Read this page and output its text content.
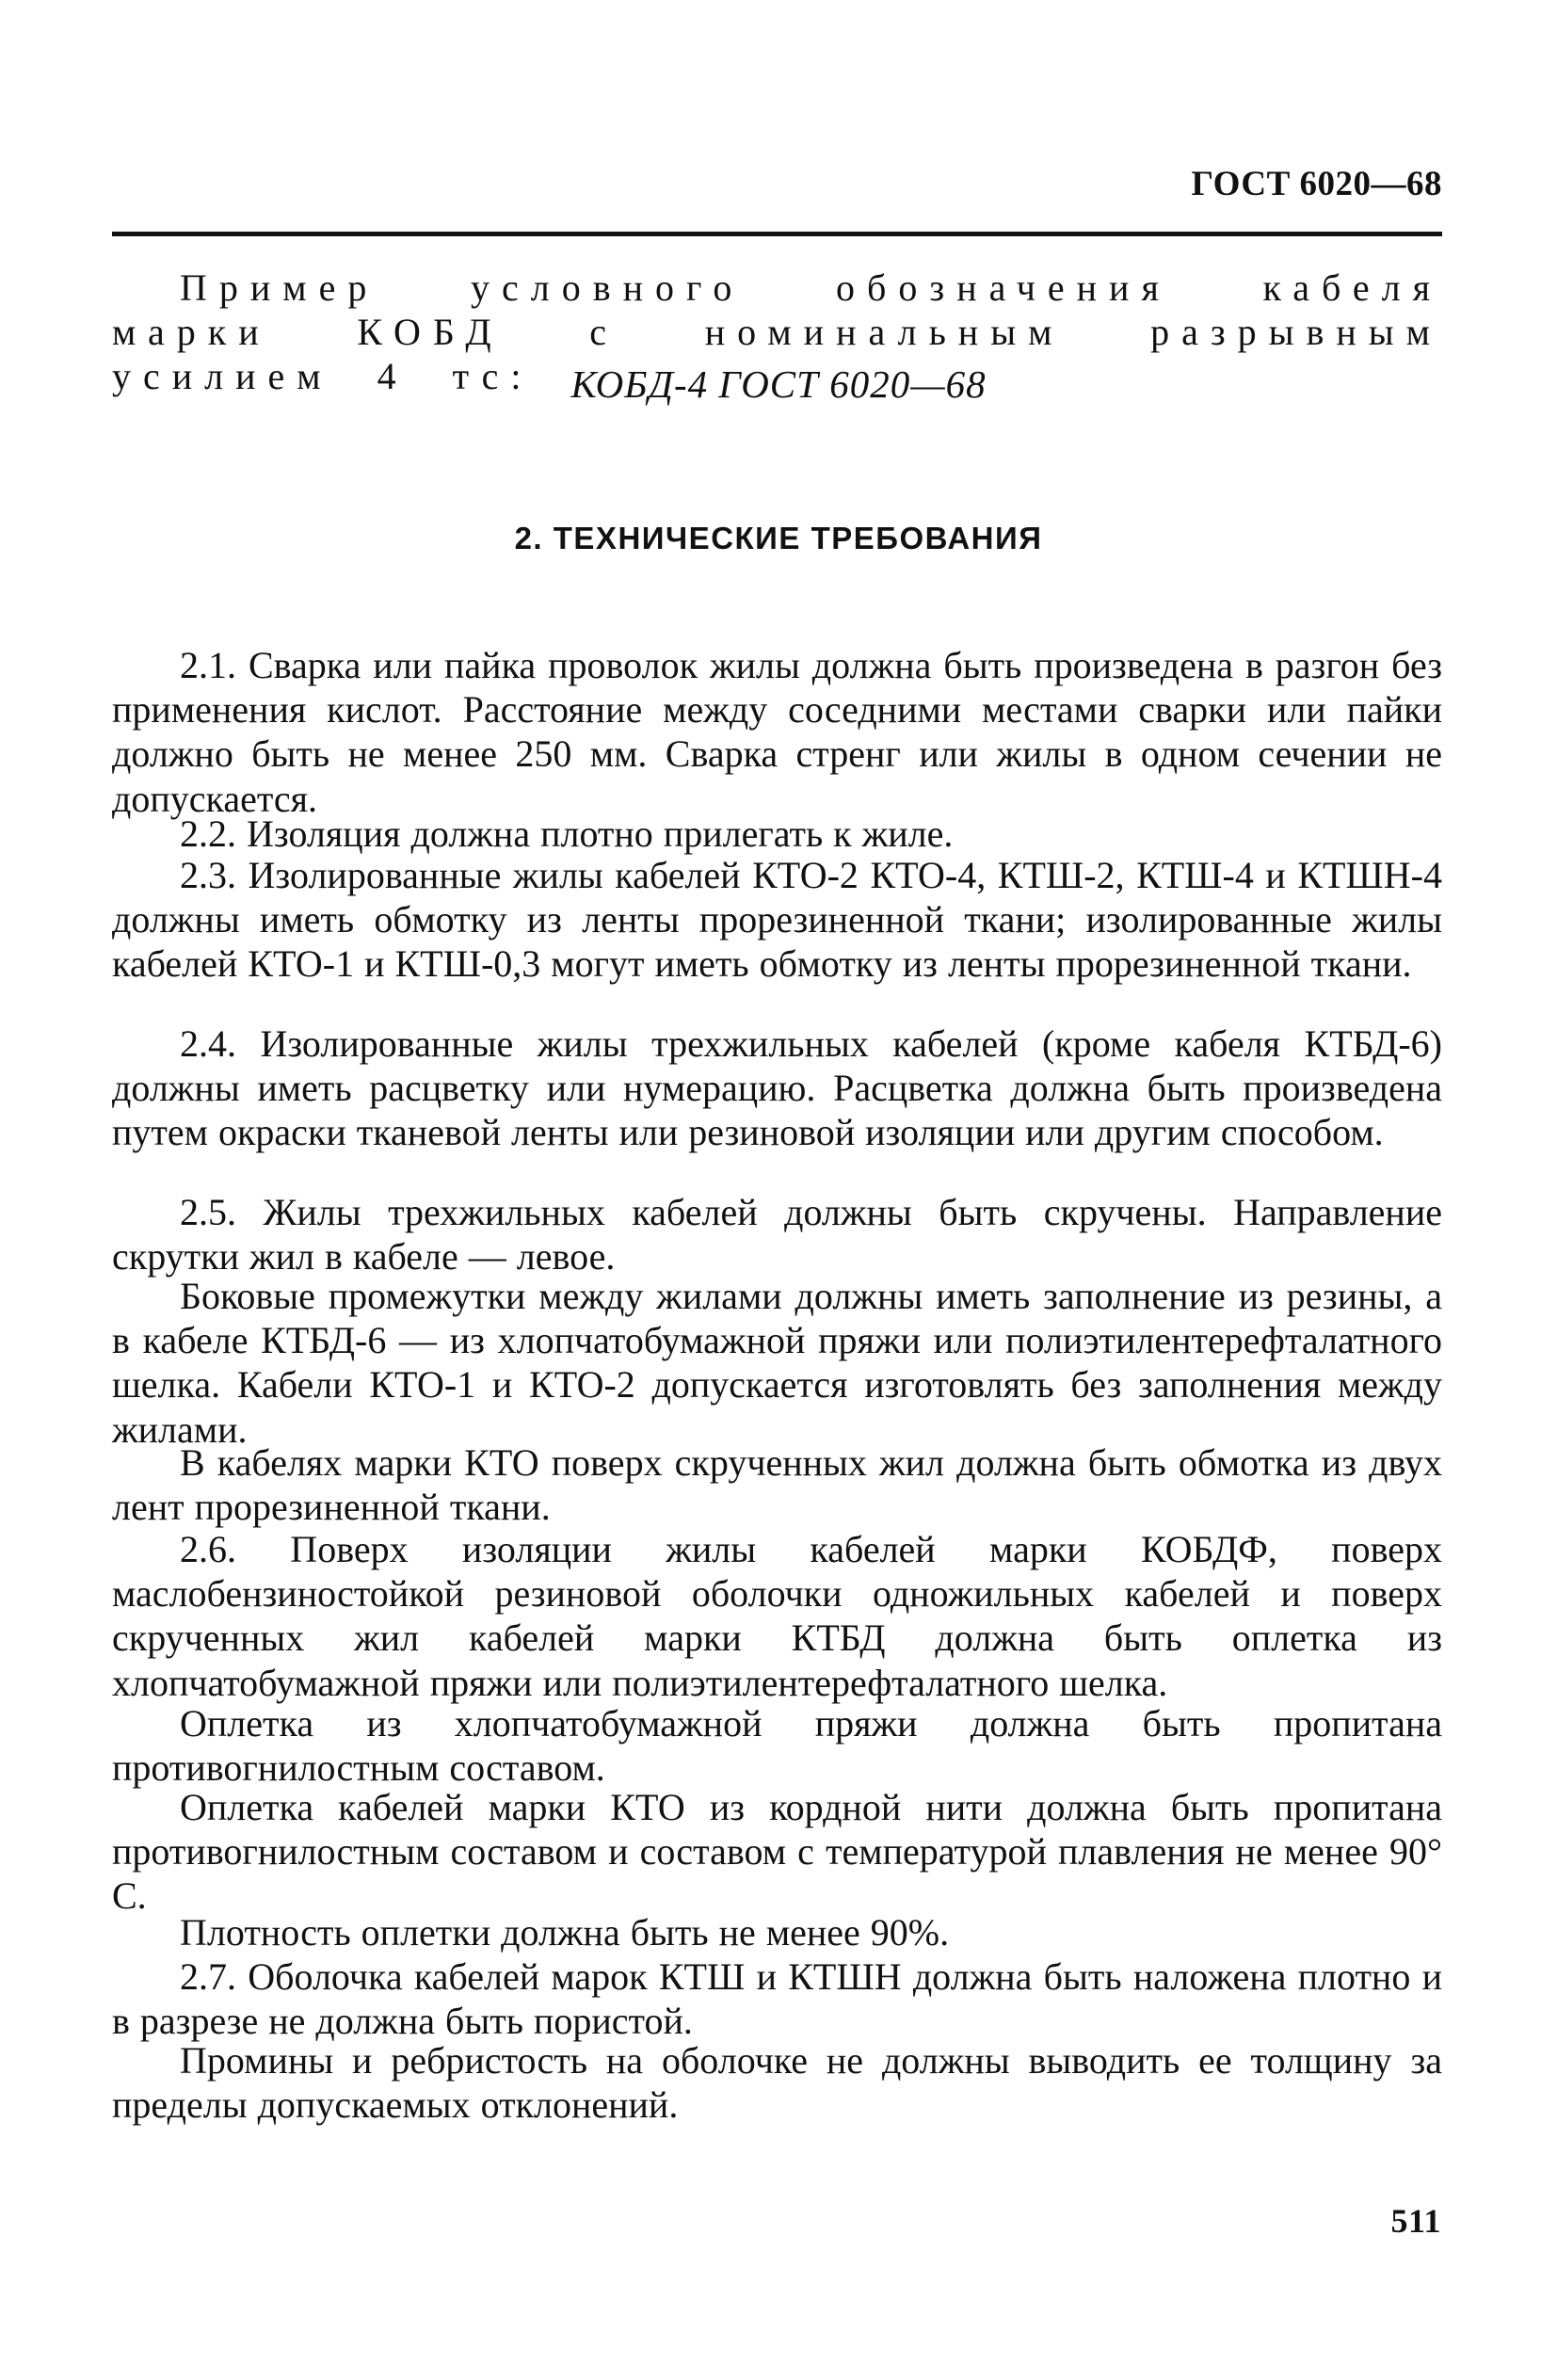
ГОСТ 6020—68

Пример условного обозначения кабеля марки КОБД с номинальным разрывным усилием 4 тс: КОБД-4 ГОСТ 6020—68
2. ТЕХНИЧЕСКИЕ ТРЕБОВАНИЯ

2.1. Сварка или пайка проволок жилы должна быть произведена в разгон без применения кислот. Расстояние между соседними местами сварки или пайки должно быть не менее 250 мм. Сварка стренг или жилы в одном сечении не допускается.

2.2. Изоляция должна плотно прилегать к жиле.

2.3. Изолированные жилы кабелей КТО-2 КТО-4, КТШ-2, КТШ-4 и КТШН-4 должны иметь обмотку из ленты прорезиненной ткани; изолированные жилы кабелей КТО-1 и КТШ-0,3 могут иметь обмотку из ленты прорезиненной ткани.

2.4. Изолированные жилы трехжильных кабелей (кроме кабеля КТБД-6) должны иметь расцветку или нумерацию. Расцветка должна быть произведена путем окраски тканевой ленты или резиновой изоляции или другим способом.

2.5. Жилы трехжильных кабелей должны быть скручены. Направление скрутки жил в кабеле — левое.

Боковые промежутки между жилами должны иметь заполнение из резины, а в кабеле КТБД-6 — из хлопчатобумажной пряжи или полиэтилентерефталатного шелка. Кабели КТО-1 и КТО-2 допускается изготовлять без заполнения между жилами.

В кабелях марки КТО поверх скрученных жил должна быть обмотка из двух лент прорезиненной ткани.

2.6. Поверх изоляции жилы кабелей марки КОБДФ, поверх маслобензиностойкой резиновой оболочки одножильных кабелей и поверх скрученных жил кабелей марки КТБД должна быть оплетка из хлопчатобумажной пряжи или полиэтилентерефталатного шелка.

Оплетка из хлопчатобумажной пряжи должна быть пропитана противогнилостным составом.

Оплетка кабелей марки КТО из кордной нити должна быть пропитана противогнилостным составом и составом с температурой плавления не менее 90° С.

Плотность оплетки должна быть не менее 90%.

2.7. Оболочка кабелей марок КТШ и КТШН должна быть наложена плотно и в разрезе не должна быть пористой.

Промины и ребристость на оболочке не должны выводить ее толщину за пределы допускаемых отклонений.

511
